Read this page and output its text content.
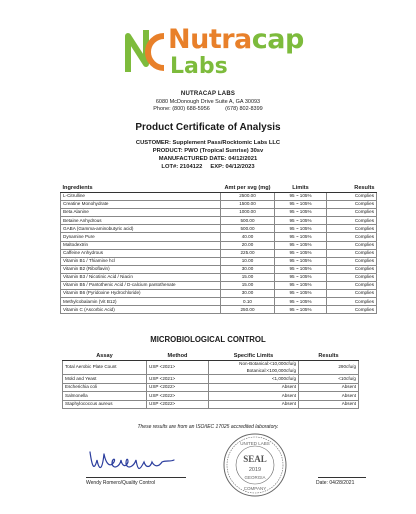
Nutracap
Labs
NUTRACAP LABS
6080 McDonough Drive Suite A, GA 30093
Phone: (800) 688-5956          (678) 802-8399
Product Certificate of Analysis
CUSTOMER: Supplement Pass/Rocktomic Labs LLC
PRODUCT: PWO (Tropical Sunrise) 30sv
MANUFACTURED DATE: 04/12/2021
LOT#: 2104122     EXP: 04/12/2023
Ingredients	Amt per svg (mg)	Limits	Results
L-Citrulline	2500.00	95 ~ 105%	Complies
Creatine Monohydrate	1500.00	95 ~ 105%	Complies
Beta Alanine	1000.00	95 ~ 105%	Complies
Betaine Anhydrous	500.00	95 ~ 105%	Complies
GABA (Gamma-aminobutyric acid)	500.00	95 ~ 105%	Complies
Dynamine Pure	40.00	95 ~ 105%	Complies
Maltodextrin	20.00	95 ~ 105%	Complies
Caffeine Anhydrous	225.00	95 ~ 105%	Complies
Vitamin B1 / Thiamine hcl	10.00	95 ~ 105%	Complies
Vitamin B2 (Riboflavin)	30.00	95 ~ 105%	Complies
Vitamin B3 / Nicotinic Acid / Niacin	15.00	95 ~ 105%	Complies
Vitamin B5 / Pantothenic Acid / D-calcium pantothenate	15.00	95 ~ 105%	Complies
Vitamin B6 (Pyridoxine Hydrochloride)	30.00	95 ~ 105%	Complies
Methylcobalamin (Vit B12)	0.10	95 ~ 105%	Complies
Vitamin C (Ascorbic Acid)	250.00	95 ~ 105%	Complies
MICROBIOLOGICAL CONTROL
Assay	Method	Specific Limits	Results
Total Aerobic Plate Count	USP <2021>	Non-Botanical:<10,000cfu/g
Botanical:<100,000cfu/g	290cfu/g
Mold and Yeast	USP <2021>	<1,000cfu/g	<10cfu/g
Escherichia coli	USP <2022>	Absent	Absent
Salmonella	USP <2022>	Absent	Absent
Staphylococcus aureus	USP <2022>	Absent	Absent
These results are from an ISO/IEC 17025 accredited laboratory.
Wendy Romero/Quality Control
UNITED LABS
SEAL
2019
GEORGIA
COMPANY
Date: 04/28/2021
